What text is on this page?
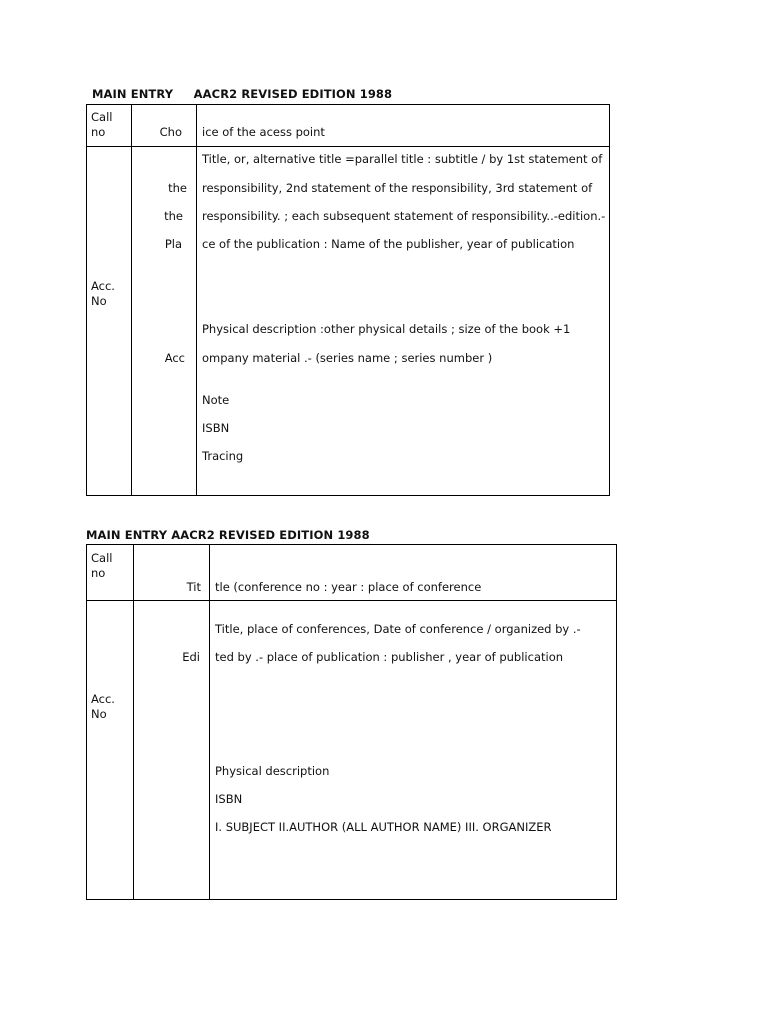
MAIN ENTRY     AACR2 REVISED EDITION 1988
Call
no	Cho ice of the acess point
Title, or, alternative title =parallel title : subtitle / by 1st statement of
the responsibility, 2nd statement of the responsibility, 3rd statement of
the responsibility. ; each subsequent statement of responsibility..-edition.-
Pla ce of the publication : Name of the publisher, year of publication
Acc.
No
Physical description :other physical details ; size of the book +1
Acc ompany material .- (series name ; series number )
Note
ISBN
Tracing
MAIN ENTRY AACR2 REVISED EDITION 1988
Call
no
Tit tle (conference no : year : place of conference
Title, place of conferences, Date of conference / organized by .-
Edi ted by .- place of publication : publisher , year of publication
Acc.
No
Physical description
ISBN
I. SUBJECT II.AUTHOR (ALL AUTHOR NAME) III. ORGANIZER
